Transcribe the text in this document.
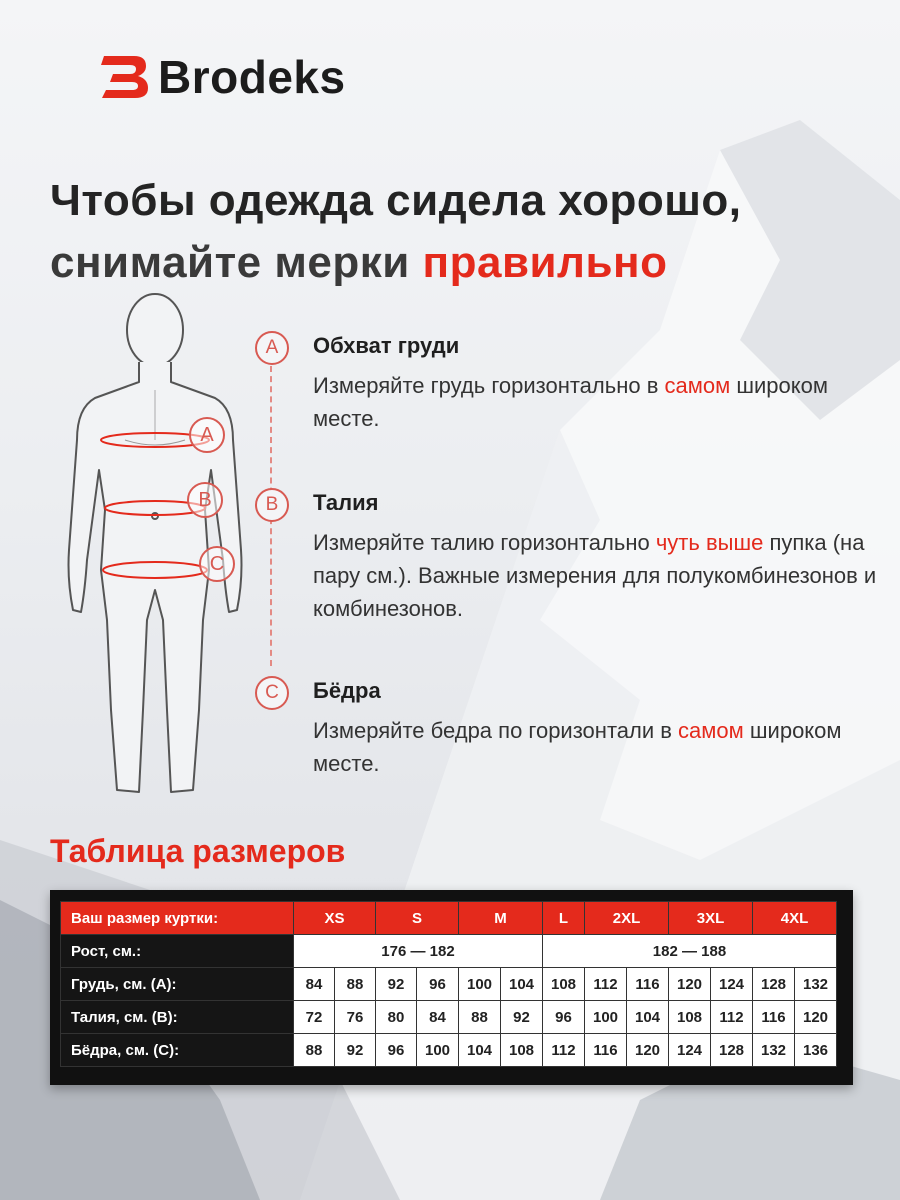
Brodeks
Чтобы одежда сидела хорошо,
снимайте мерки правильно
A
B
C
A	Обхват груди

Измеряйте грудь горизонтально в самом широком месте.

B	Талия

Измеряйте талию горизонтально чуть выше пупка (на пару см.). Важные измерения для полукомбинезонов и комбинезонов.

C	Бёдра

Измеряйте бедра по горизонтали в самом широком месте.

Таблица размеров
Ваш размер куртки:	XS		S		M		L	2XL		3XL		4XL	
Рост, см.:	176 — 182						182 — 188						
Грудь, см. (A):	84	88	92	96	100	104	108	112	116	120	124	128	132
Талия, см. (B):	72	76	80	84	88	92	96	100	104	108	112	116	120
Бёдра, см. (C):	88	92	96	100	104	108	112	116	120	124	128	132	136
